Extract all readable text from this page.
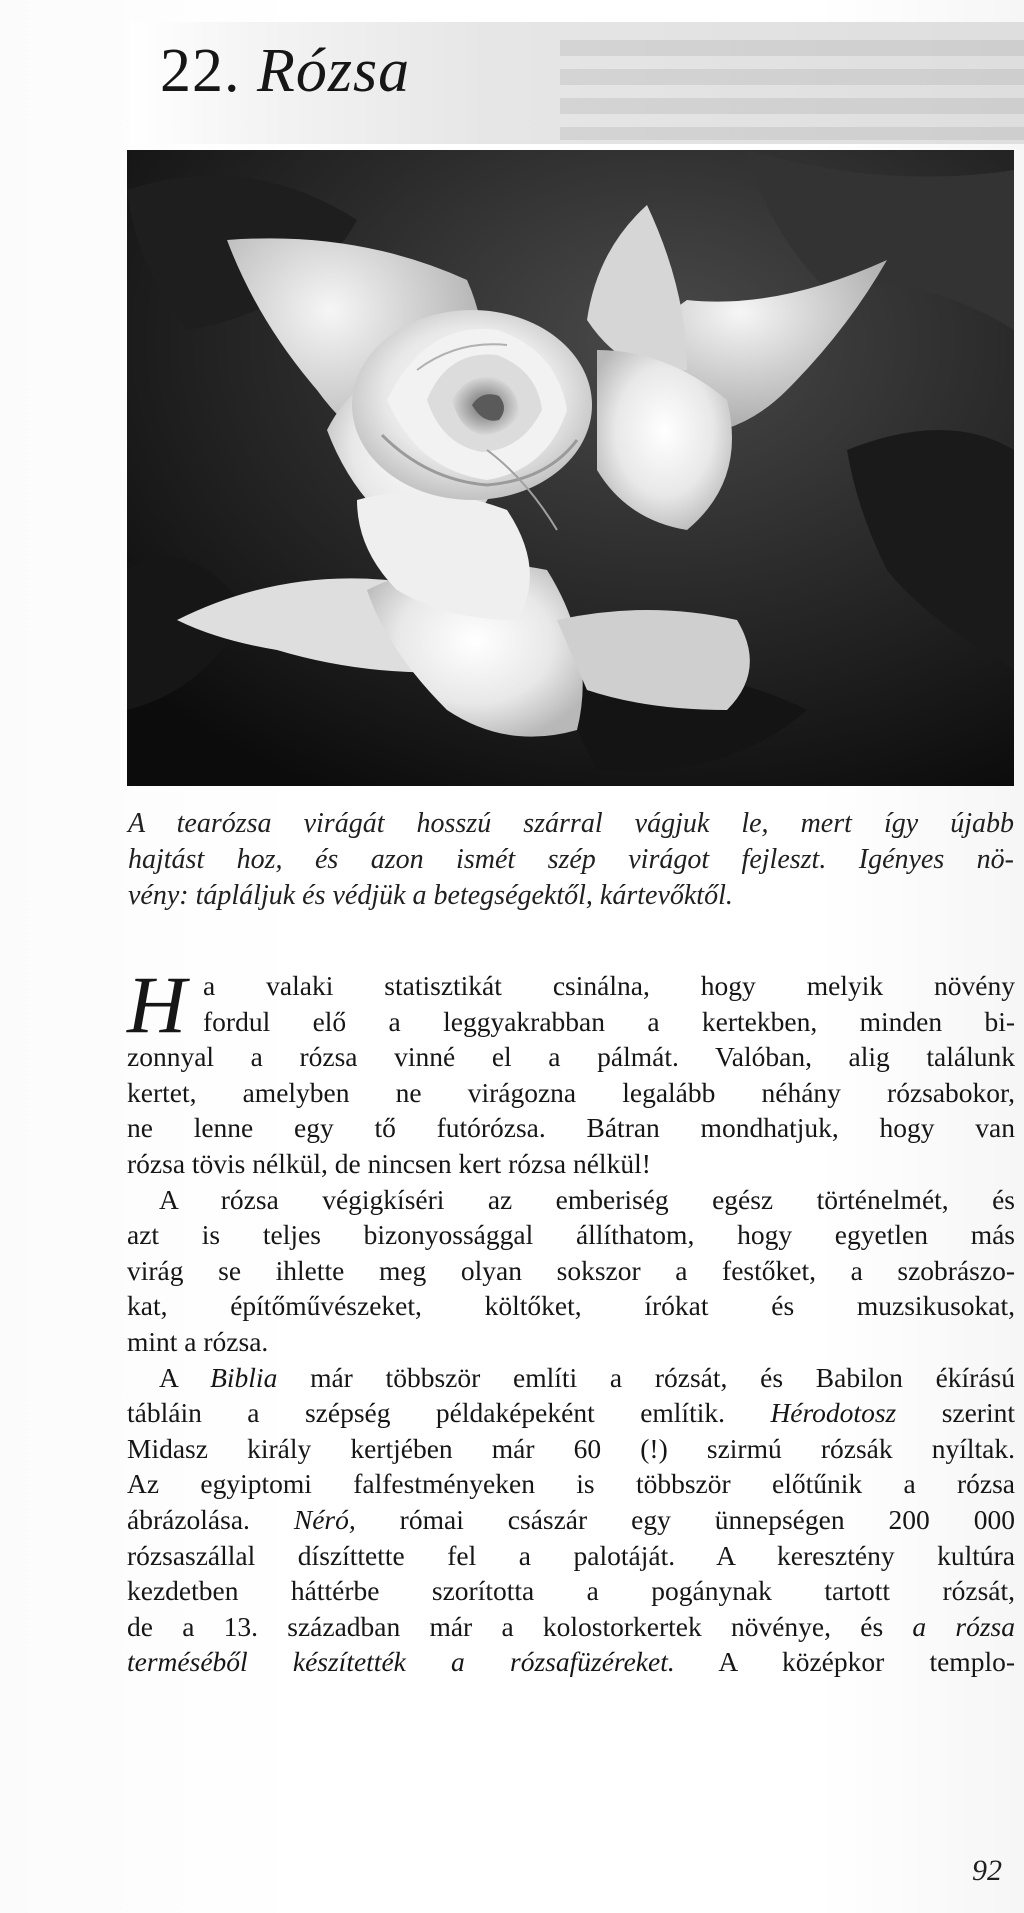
22. Rózsa
A tearózsa virágát hosszú szárral vágjuk le, mert így újabb
hajtást hoz, és azon ismét szép virágot fejleszt. Igényes nö-
vény: tápláljuk és védjük a betegségektől, kártevőktől.
H a valaki statisztikát csinálna, hogy melyik növény
fordul elő a leggyakrabban a kertekben, minden bi-
zonnyal a rózsa vinné el a pálmát. Valóban, alig találunk
kertet, amelyben ne virágozna legalább néhány rózsabokor,
ne lenne egy tő futórózsa. Bátran mondhatjuk, hogy van
rózsa tövis nélkül, de nincsen kert rózsa nélkül!
A rózsa végigkíséri az emberiség egész történelmét, és
azt is teljes bizonyossággal állíthatom, hogy egyetlen más
virág se ihlette meg olyan sokszor a festőket, a szobrászo-
kat, építőművészeket, költőket, írókat és muzsikusokat,
mint a rózsa.
A Biblia már többször említi a rózsát, és Babilon ékírású
tábláin a szépség példaképeként említik. Hérodotosz szerint
Midasz király kertjében már 60 (!) szirmú rózsák nyíltak.
Az egyiptomi falfestményeken is többször előtűnik a rózsa
ábrázolása. Néró, római császár egy ünnepségen 200 000
rózsaszállal díszíttette fel a palotáját. A keresztény kultúra
kezdetben háttérbe szorította a pogánynak tartott rózsát,
de a 13. században már a kolostorkertek növénye, és a rózsa
terméséből készítették a rózsafüzéreket. A középkor templo-
92
